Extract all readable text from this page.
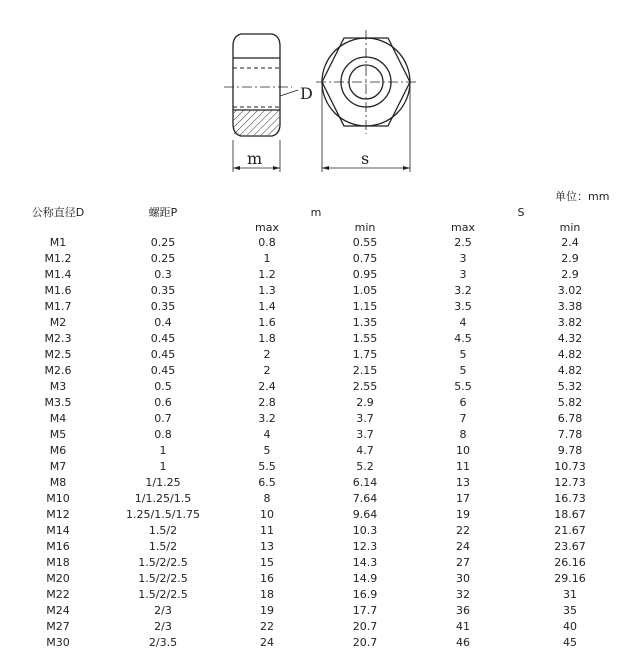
D
m	s
单位：mm
公称直径D	螺距P	m		S	
		max	min	max	min
M1	0.25	0.8	0.55	2.5	2.4
M1.2	0.25	1	0.75	3	2.9
M1.4	0.3	1.2	0.95	3	2.9
M1.6	0.35	1.3	1.05	3.2	3.02
M1.7	0.35	1.4	1.15	3.5	3.38
M2	0.4	1.6	1.35	4	3.82
M2.3	0.45	1.8	1.55	4.5	4.32
M2.5	0.45	2	1.75	5	4.82
M2.6	0.45	2	2.15	5	4.82
M3	0.5	2.4	2.55	5.5	5.32
M3.5	0.6	2.8	2.9	6	5.82
M4	0.7	3.2	3.7	7	6.78
M5	0.8	4	3.7	8	7.78
M6	1	5	4.7	10	9.78
M7	1	5.5	5.2	11	10.73
M8	1/1.25	6.5	6.14	13	12.73
M10	1/1.25/1.5	8	7.64	17	16.73
M12	1.25/1.5/1.75	10	9.64	19	18.67
M14	1.5/2	11	10.3	22	21.67
M16	1.5/2	13	12.3	24	23.67
M18	1.5/2/2.5	15	14.3	27	26.16
M20	1.5/2/2.5	16	14.9	30	29.16
M22	1.5/2/2.5	18	16.9	32	31
M24	2/3	19	17.7	36	35
M27	2/3	22	20.7	41	40
M30	2/3.5	24	20.7	46	45
